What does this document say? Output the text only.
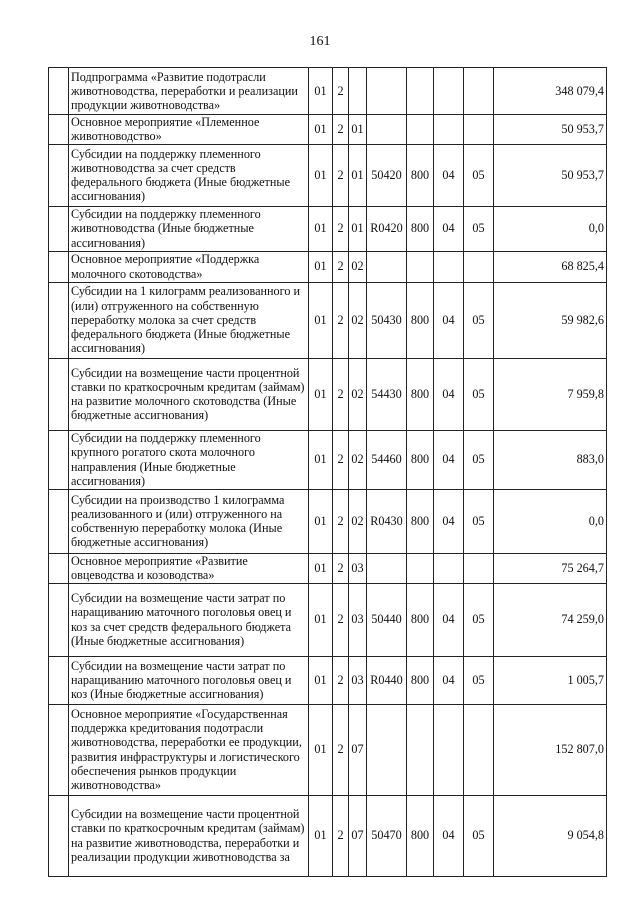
161
	Подпрограмма «Развитие подотрасли животноводства, переработки и реализации продукции животноводства»	01	2						348 079,4
	Основное мероприятие «Племенное животноводство»	01	2	01					50 953,7
	Субсидии на поддержку племенного животноводства за счет средств федерального бюджета (Иные бюджетные ассигнования)	01	2	01	50420	800	04	05	50 953,7
	Субсидии на поддержку племенного животноводства (Иные бюджетные ассигнования)	01	2	01	R0420	800	04	05	0,0
	Основное мероприятие «Поддержка молочного скотоводства»	01	2	02					68 825,4
	Субсидии на 1 килограмм реализованного и (или) отгруженного на собственную переработку молока за счет средств федерального бюджета (Иные бюджетные ассигнования)	01	2	02	50430	800	04	05	59 982,6
	Субсидии на возмещение части процентной ставки по краткосрочным кредитам (займам) на развитие молочного скотоводства (Иные бюджетные ассигнования)	01	2	02	54430	800	04	05	7 959,8
	Субсидии на поддержку племенного крупного рогатого скота молочного направления (Иные бюджетные ассигнования)	01	2	02	54460	800	04	05	883,0
	Субсидии на производство 1 килограмма реализованного и (или) отгруженного на собственную переработку молока (Иные бюджетные ассигнования)	01	2	02	R0430	800	04	05	0,0
	Основное мероприятие «Развитие овцеводства и козоводства»	01	2	03					75 264,7
	Субсидии на возмещение части затрат по наращиванию маточного поголовья овец и коз за счет средств федерального бюджета (Иные бюджетные ассигнования)	01	2	03	50440	800	04	05	74 259,0
	Субсидии на возмещение части затрат по наращиванию маточного поголовья овец и коз (Иные бюджетные ассигнования)	01	2	03	R0440	800	04	05	1 005,7
	Основное мероприятие «Государственная поддержка кредитования подотрасли животноводства, переработки ее продукции, развития инфраструктуры и логистического обеспечения рынков продукции животноводства»	01	2	07					152 807,0
	Субсидии на возмещение части процентной ставки по краткосрочным кредитам (займам) на развитие животноводства, переработки и реализации продукции животноводства за	01	2	07	50470	800	04	05	9 054,8
